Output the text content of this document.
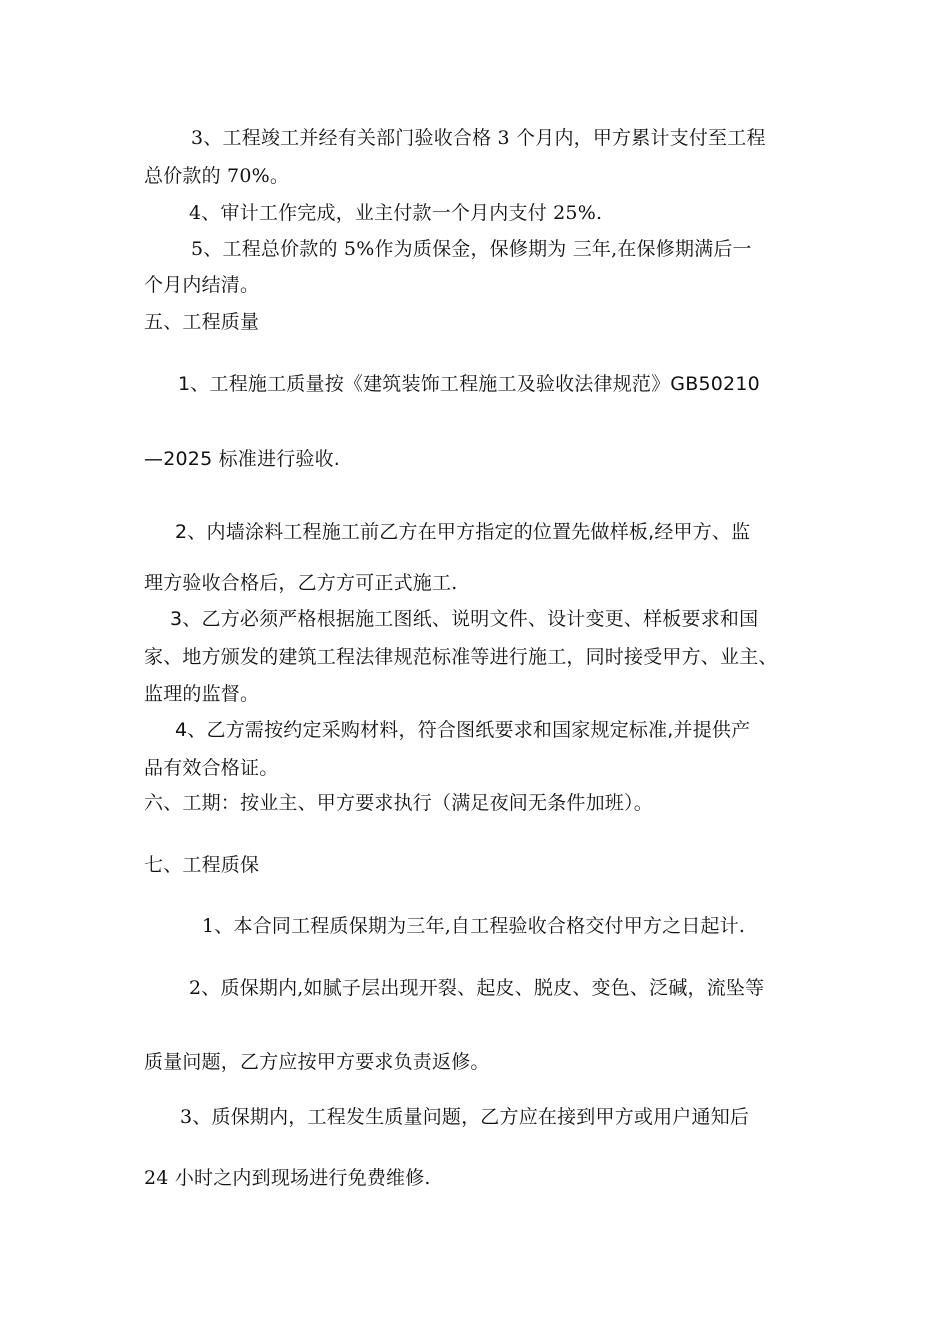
3、工程竣工并经有关部门验收合格 3 个月内，甲方累计支付至工程
总价款的 70%。
4、审计工作完成，业主付款一个月内支付 25%.
5、工程总价款的 5%作为质保金，保修期为 三年,在保修期满后一
个月内结清。
五、工程质量
1、工程施工质量按《建筑装饰工程施工及验收法律规范》GB50210
—2025 标准进行验收.
2、内墙涂料工程施工前乙方在甲方指定的位置先做样板,经甲方、监
理方验收合格后，乙方方可正式施工.
3、乙方必须严格根据施工图纸、说明文件、设计变更、样板要求和国
家、地方颁发的建筑工程法律规范标准等进行施工，同时接受甲方、业主、
监理的监督。
4、乙方需按约定采购材料，符合图纸要求和国家规定标准,并提供产
品有效合格证。
六、工期：按业主、甲方要求执行（满足夜间无条件加班）。
七、工程质保
1、本合同工程质保期为三年,自工程验收合格交付甲方之日起计.
2、质保期内,如腻子层出现开裂、起皮、脱皮、变色、泛碱，流坠等
质量问题，乙方应按甲方要求负责返修。
3、质保期内，工程发生质量问题，乙方应在接到甲方或用户通知后
24 小时之内到现场进行免费维修.
